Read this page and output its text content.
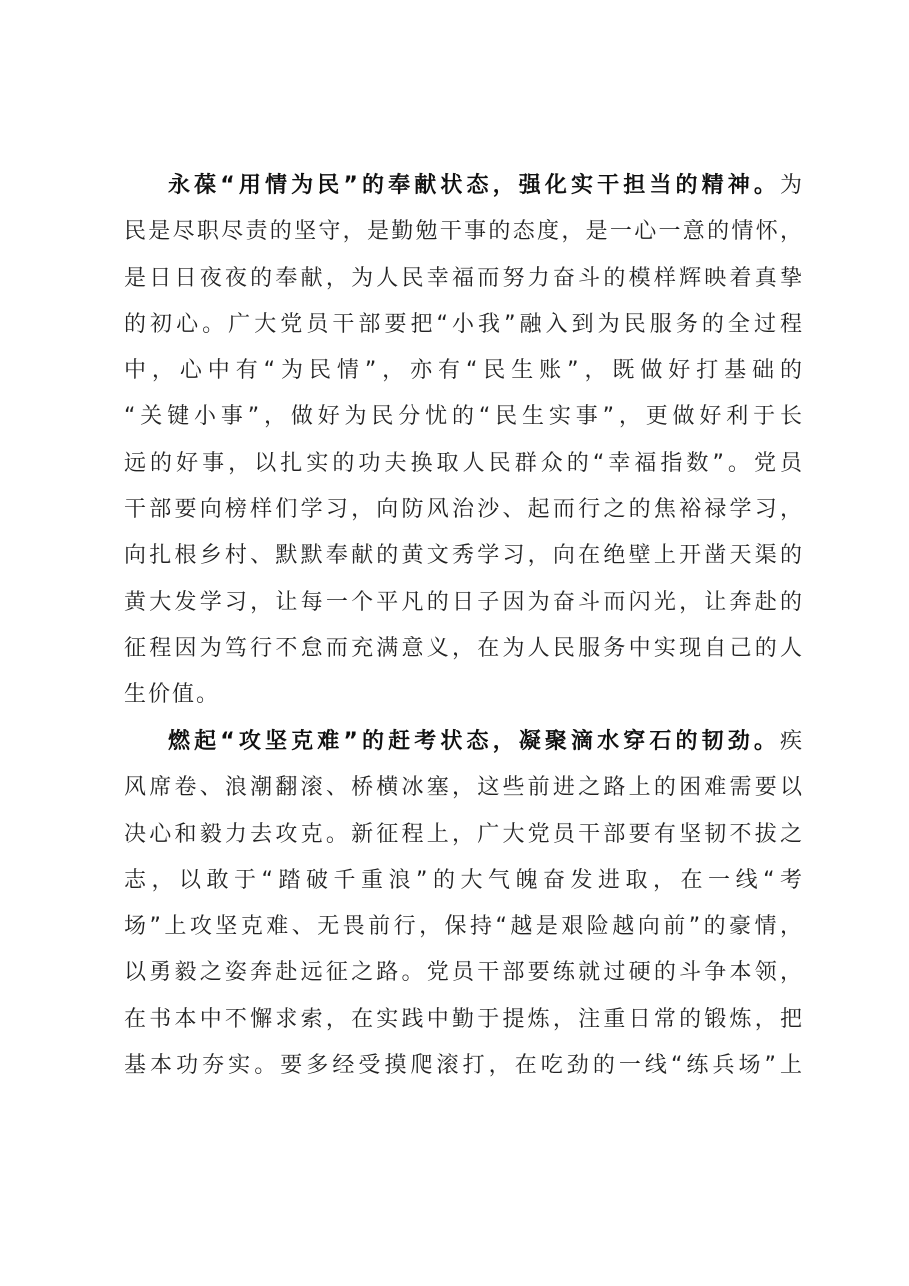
永葆“用情为民”的奉献状态，强化实干担当的精神。为
民是尽职尽责的坚守，是勤勉干事的态度，是一心一意的情怀，
是日日夜夜的奉献，为人民幸福而努力奋斗的模样辉映着真挚
的初心。广大党员干部要把“小我”融入到为民服务的全过程
中，心中有“为民情”，亦有“民生账”，既做好打基础的
“关键小事”，做好为民分忧的“民生实事”，更做好利于长
远的好事，以扎实的功夫换取人民群众的“幸福指数”。党员
干部要向榜样们学习，向防风治沙、起而行之的焦裕禄学习，
向扎根乡村、默默奉献的黄文秀学习，向在绝壁上开凿天渠的
黄大发学习，让每一个平凡的日子因为奋斗而闪光，让奔赴的
征程因为笃行不怠而充满意义，在为人民服务中实现自己的人
生价值。
燃起“攻坚克难”的赶考状态，凝聚滴水穿石的韧劲。疾
风席卷、浪潮翻滚、桥横冰塞，这些前进之路上的困难需要以
决心和毅力去攻克。新征程上，广大党员干部要有坚韧不拔之
志，以敢于“踏破千重浪”的大气魄奋发进取，在一线“考
场”上攻坚克难、无畏前行，保持“越是艰险越向前”的豪情，
以勇毅之姿奔赴远征之路。党员干部要练就过硬的斗争本领，
在书本中不懈求索，在实践中勤于提炼，注重日常的锻炼，把
基本功夯实。要多经受摸爬滚打，在吃劲的一线“练兵场”上
